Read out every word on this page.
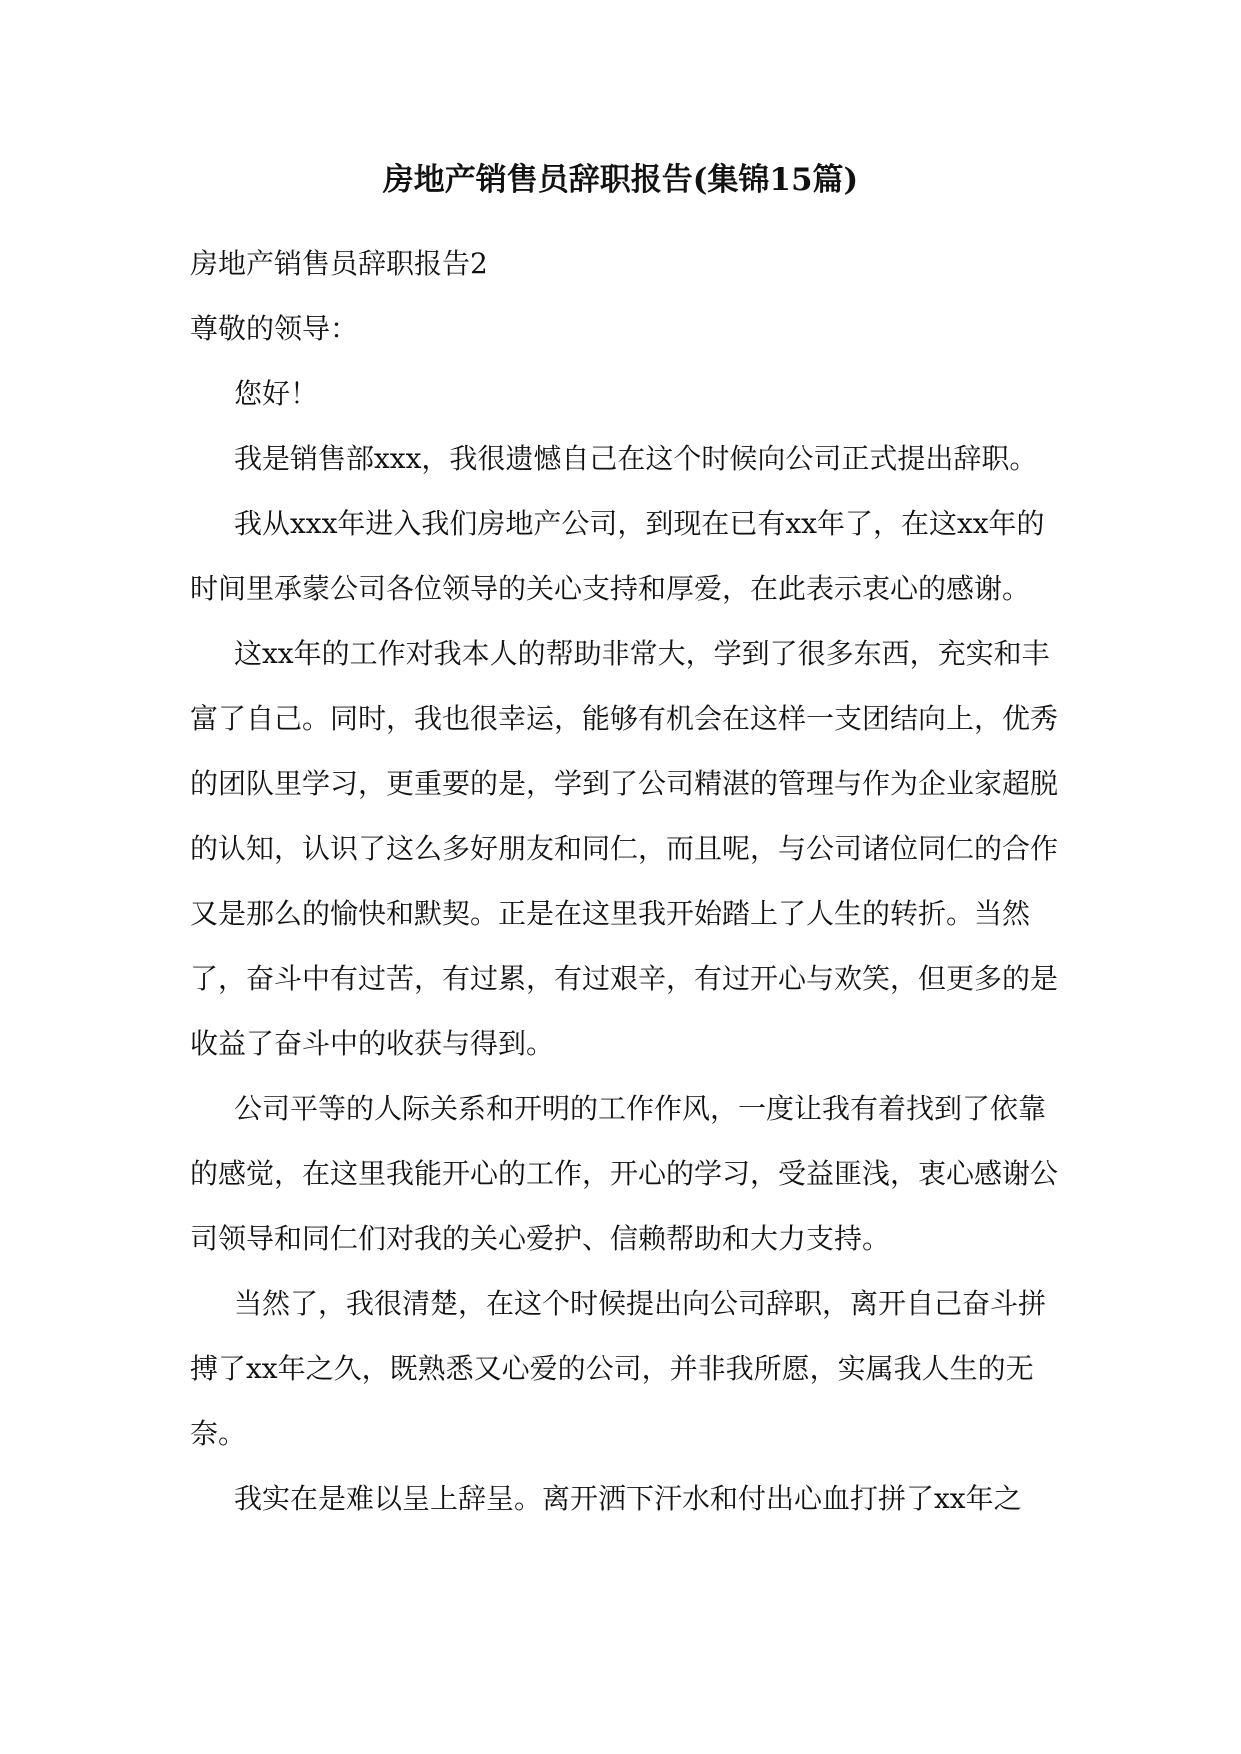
房地产销售员辞职报告(集锦15篇)

房地产销售员辞职报告2

尊敬的领导：

您好！

我是销售部xxx，我很遗憾自己在这个时候向公司正式提出辞职。

我从xxx年进入我们房地产公司，到现在已有xx年了，在这xx年的时间里承蒙公司各位领导的关心支持和厚爱，在此表示衷心的感谢。

这xx年的工作对我本人的帮助非常大，学到了很多东西，充实和丰富了自己。同时，我也很幸运，能够有机会在这样一支团结向上，优秀的团队里学习，更重要的是，学到了公司精湛的管理与作为企业家超脱的认知，认识了这么多好朋友和同仁，而且呢，与公司诸位同仁的合作又是那么的愉快和默契。正是在这里我开始踏上了人生的转折。当然了，奋斗中有过苦，有过累，有过艰辛，有过开心与欢笑，但更多的是收益了奋斗中的收获与得到。

公司平等的人际关系和开明的工作作风，一度让我有着找到了依靠的感觉，在这里我能开心的工作，开心的学习，受益匪浅，衷心感谢公司领导和同仁们对我的关心爱护、信赖帮助和大力支持。

当然了，我很清楚，在这个时候提出向公司辞职，离开自己奋斗拼搏了xx年之久，既熟悉又心爱的公司，并非我所愿，实属我人生的无奈。

我实在是难以呈上辞呈。离开洒下汗水和付出心血打拼了xx年之
